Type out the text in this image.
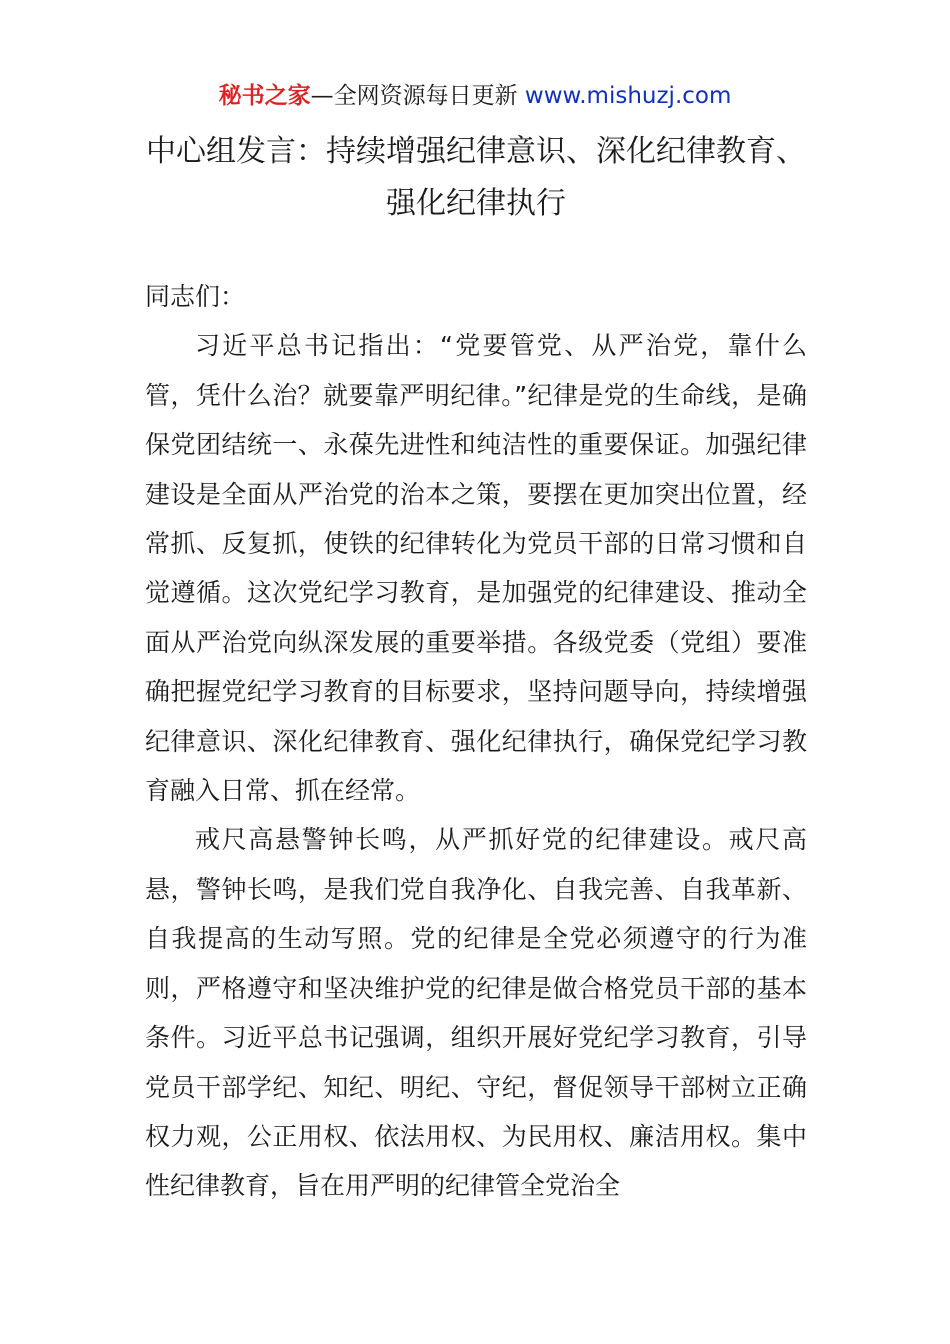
秘书之家—全网资源每日更新 www.mishuzj.com
中心组发言：持续增强纪律意识、深化纪律教育、强化纪律执行

同志们：

习近平总书记指出：“党要管党、从严治党，靠什么管，凭什么治？就要靠严明纪律。”纪律是党的生命线，是确保党团结统一、永葆先进性和纯洁性的重要保证。加强纪律建设是全面从严治党的治本之策，要摆在更加突出位置，经常抓、反复抓，使铁的纪律转化为党员干部的日常习惯和自觉遵循。这次党纪学习教育，是加强党的纪律建设、推动全面从严治党向纵深发展的重要举措。各级党委（党组）要准确把握党纪学习教育的目标要求，坚持问题导向，持续增强纪律意识、深化纪律教育、强化纪律执行，确保党纪学习教育融入日常、抓在经常。

戒尺高悬警钟长鸣，从严抓好党的纪律建设。戒尺高悬，警钟长鸣，是我们党自我净化、自我完善、自我革新、自我提高的生动写照。党的纪律是全党必须遵守的行为准则，严格遵守和坚决维护党的纪律是做合格党员干部的基本条件。习近平总书记强调，组织开展好党纪学习教育，引导党员干部学纪、知纪、明纪、守纪，督促领导干部树立正确权力观，公正用权、依法用权、为民用权、廉洁用权。集中性纪律教育，旨在用严明的纪律管全党治全
